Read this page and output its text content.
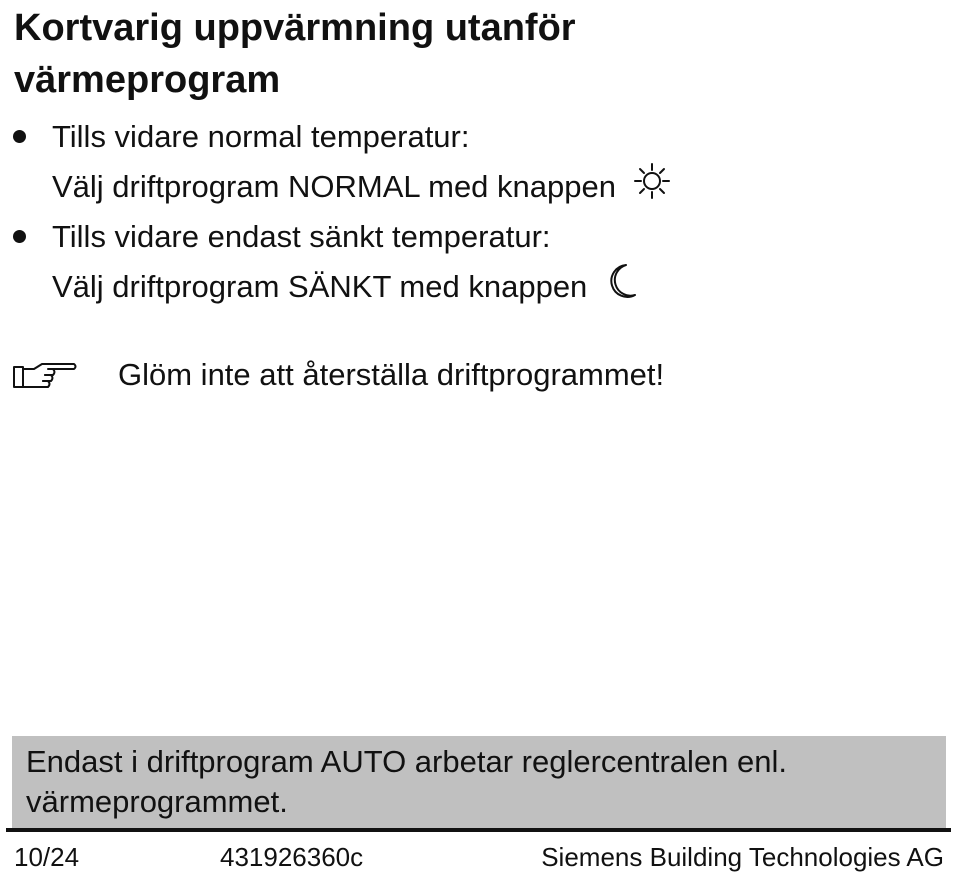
Kortvarig uppvärmning utanför
värmeprogram
Tills vidare normal temperatur:
Välj driftprogram NORMAL med knappen
Tills vidare endast sänkt temperatur:
Välj driftprogram SÄNKT med knappen
Glöm inte att återställa driftprogrammet!
Endast i driftprogram AUTO arbetar reglercentralen enl.
värmeprogrammet.
10/24	431926360c	Siemens Building Technologies AG
